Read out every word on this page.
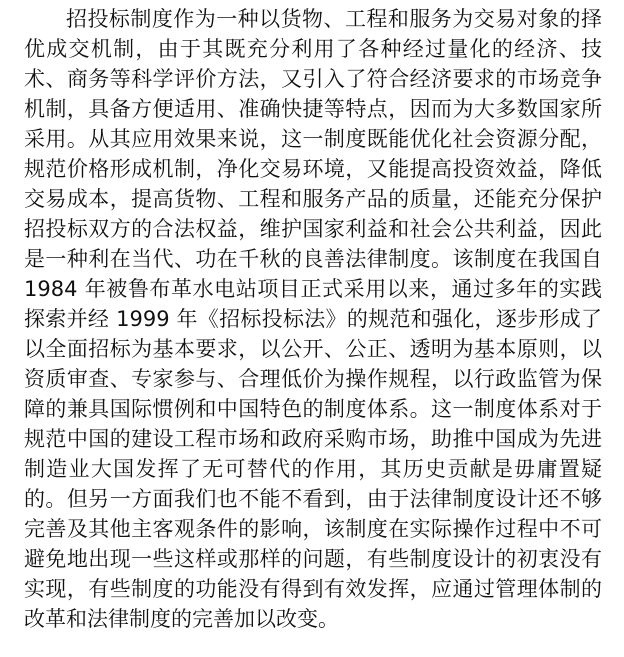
招投标制度作为一种以货物、工程和服务为交易对象的择优成交机制，由于其既充分利用了各种经过量化的经济、技术、商务等科学评价方法，又引入了符合经济要求的市场竞争机制，具备方便适用、准确快捷等特点，因而为大多数国家所采用。从其应用效果来说，这一制度既能优化社会资源分配，规范价格形成机制，净化交易环境，又能提高投资效益，降低交易成本，提高货物、工程和服务产品的质量，还能充分保护招投标双方的合法权益，维护国家利益和社会公共利益，因此是一种利在当代、功在千秋的良善法律制度。该制度在我国自 1984 年被鲁布革水电站项目正式采用以来，通过多年的实践探索并经 1999 年《招标投标法》的规范和强化，逐步形成了以全面招标为基本要求，以公开、公正、透明为基本原则，以资质审查、专家参与、合理低价为操作规程，以行政监管为保障的兼具国际惯例和中国特色的制度体系。这一制度体系对于规范中国的建设工程市场和政府采购市场，助推中国成为先进制造业大国发挥了无可替代的作用，其历史贡献是毋庸置疑的。但另一方面我们也不能不看到，由于法律制度设计还不够完善及其他主客观条件的影响，该制度在实际操作过程中不可避免地出现一些这样或那样的问题，有些制度设计的初衷没有实现，有些制度的功能没有得到有效发挥，应通过管理体制的改革和法律制度的完善加以改变。
